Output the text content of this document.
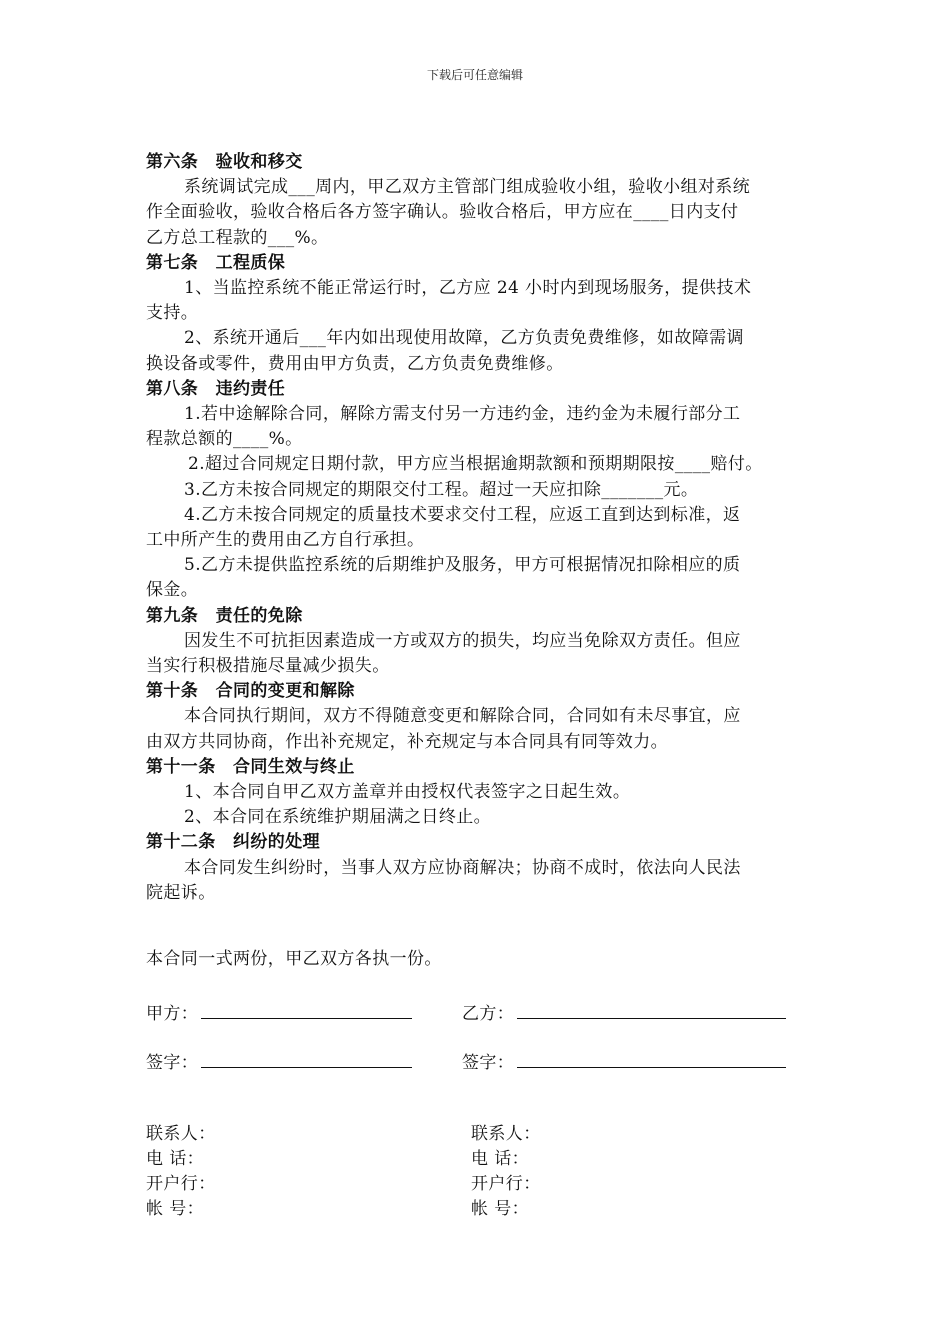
下载后可任意编辑
第六条　验收和移交
系统调试完成___周内，甲乙双方主管部门组成验收小组，验收小组对系统
作全面验收，验收合格后各方签字确认。验收合格后，甲方应在____日内支付
乙方总工程款的___%。
第七条　工程质保
1、当监控系统不能正常运行时，乙方应 24 小时内到现场服务，提供技术
支持。
2、系统开通后___年内如出现使用故障，乙方负责免费维修，如故障需调
换设备或零件，费用由甲方负责，乙方负责免费维修。
第八条　违约责任
1.若中途解除合同，解除方需支付另一方违约金，违约金为未履行部分工
程款总额的____%。
2.超过合同规定日期付款，甲方应当根据逾期款额和预期期限按____赔付。
3.乙方未按合同规定的期限交付工程。超过一天应扣除_______元。
4.乙方未按合同规定的质量技术要求交付工程，应返工直到达到标准，返
工中所产生的费用由乙方自行承担。
5.乙方未提供监控系统的后期维护及服务，甲方可根据情况扣除相应的质
保金。
第九条　责任的免除
因发生不可抗拒因素造成一方或双方的损失，均应当免除双方责任。但应
当实行积极措施尽量减少损失。
第十条　合同的变更和解除
本合同执行期间，双方不得随意变更和解除合同，合同如有未尽事宜，应
由双方共同协商，作出补充规定，补充规定与本合同具有同等效力。
第十一条　合同生效与终止
1、本合同自甲乙双方盖章并由授权代表签字之日起生效。
2、本合同在系统维护期届满之日终止。
第十二条　纠纷的处理
本合同发生纠纷时，当事人双方应协商解决；协商不成时，依法向人民法
院起诉。
本合同一式两份，甲乙双方各执一份。
甲方：	乙方：
签字：	签字：
联系人：
电 话：
开户行：
帐 号：
联系人：
电 话：
开户行：
帐 号：
